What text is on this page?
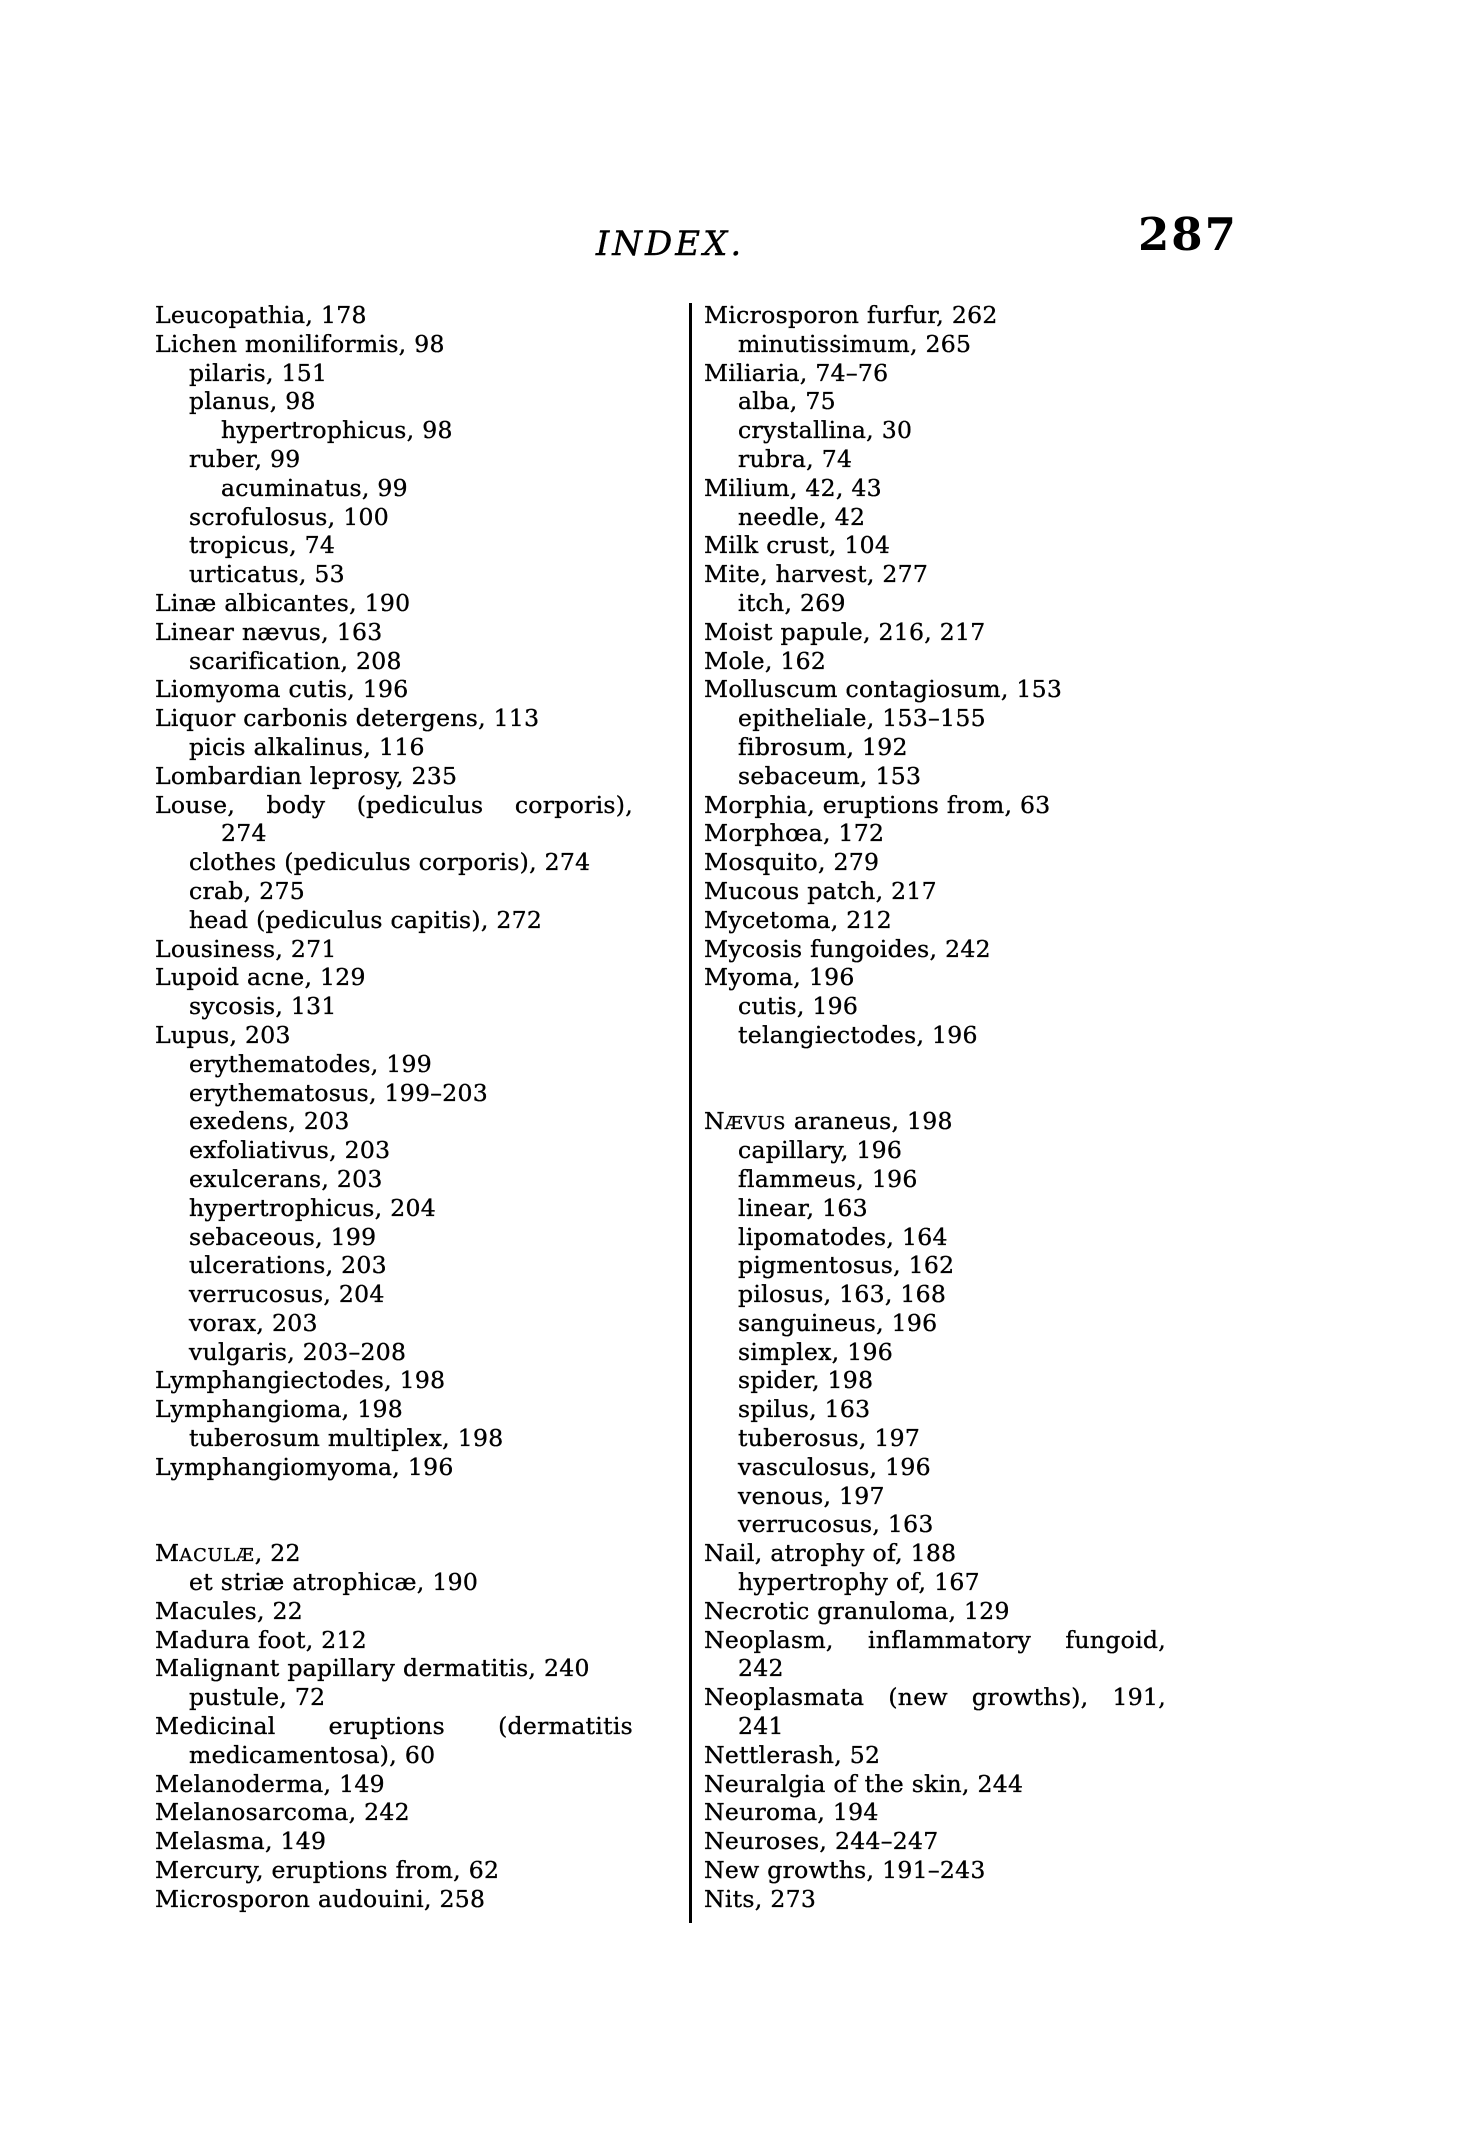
INDEX.	287
Leucopathia, 178
Lichen moniliformis, 98
pilaris, 151
planus, 98
hypertrophicus, 98
ruber, 99
acuminatus, 99
scrofulosus, 100
tropicus, 74
urticatus, 53
Linæ albicantes, 190
Linear nævus, 163
scarification, 208
Liomyoma cutis, 196
Liquor carbonis detergens, 113
picis alkalinus, 116
Lombardian leprosy, 235
Louse, body (pediculus corporis),
274
clothes (pediculus corporis), 274
crab, 275
head (pediculus capitis), 272
Lousiness, 271
Lupoid acne, 129
sycosis, 131
Lupus, 203
erythematodes, 199
erythematosus, 199–203
exedens, 203
exfoliativus, 203
exulcerans, 203
hypertrophicus, 204
sebaceous, 199
ulcerations, 203
verrucosus, 204
vorax, 203
vulgaris, 203–208
Lymphangiectodes, 198
Lymphangioma, 198
tuberosum multiplex, 198
Lymphangiomyoma, 196
MACULÆ, 22
et striæ atrophicæ, 190
Macules, 22
Madura foot, 212
Malignant papillary dermatitis, 240
pustule, 72
Medicinal eruptions (dermatitis
medicamentosa), 60
Melanoderma, 149
Melanosarcoma, 242
Melasma, 149
Mercury, eruptions from, 62
Microsporon audouini, 258
Microsporon furfur, 262
minutissimum, 265
Miliaria, 74–76
alba, 75
crystallina, 30
rubra, 74
Milium, 42, 43
needle, 42
Milk crust, 104
Mite, harvest, 277
itch, 269
Moist papule, 216, 217
Mole, 162
Molluscum contagiosum, 153
epitheliale, 153–155
fibrosum, 192
sebaceum, 153
Morphia, eruptions from, 63
Morphœa, 172
Mosquito, 279
Mucous patch, 217
Mycetoma, 212
Mycosis fungoides, 242
Myoma, 196
cutis, 196
telangiectodes, 196
NÆVUS araneus, 198
capillary, 196
flammeus, 196
linear, 163
lipomatodes, 164
pigmentosus, 162
pilosus, 163, 168
sanguineus, 196
simplex, 196
spider, 198
spilus, 163
tuberosus, 197
vasculosus, 196
venous, 197
verrucosus, 163
Nail, atrophy of, 188
hypertrophy of, 167
Necrotic granuloma, 129
Neoplasm, inflammatory fungoid,
242
Neoplasmata (new growths), 191,
241
Nettlerash, 52
Neuralgia of the skin, 244
Neuroma, 194
Neuroses, 244–247
New growths, 191–243
Nits, 273
